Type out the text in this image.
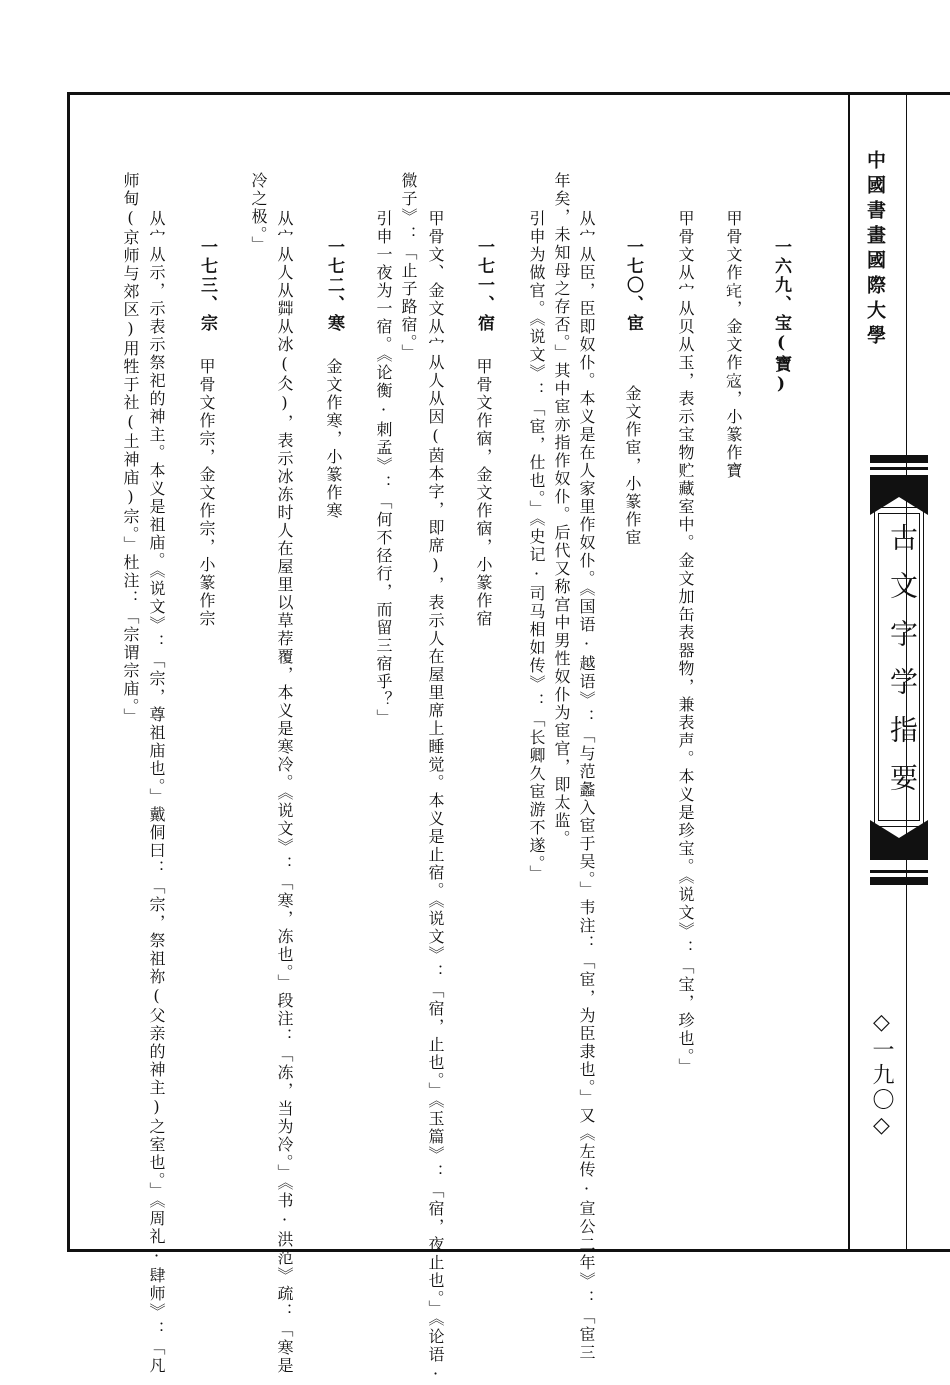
中國書畫國際大學
古文字学指要
◇一九〇◇
一六九、宝(寶)
甲骨文作𡧪，金文作𡨥，小篆作寶
甲骨文从宀从贝从玉，表示宝物贮藏室中。金文加缶表器物，兼表声。本义是珍宝。《说文》：「宝，珍也。」
一七〇、宦
金文作宦，小篆作宦
从宀从臣，臣即奴仆。本义是在人家里作奴仆。《国语·越语》：「与范蠡入宦于吴。」韦注：「宦，为臣隶也。」又《左传·宣公二年》：「宦三
年矣，未知母之存否。」其中宦亦指作奴仆。后代又称宫中男性奴仆为宦官，即太监。
引申为做官。《说文》：「宦，仕也。」《史记·司马相如传》：「长卿久宦游不遂。」
一七一、宿
甲骨文作㝛，金文作㝛，小篆作宿
甲骨文、金文从宀从人从因(茵本字，即席)，表示人在屋里席上睡觉。本义是止宿。《说文》：「宿，止也。」《玉篇》：「宿，夜止也。」《论语·
微子》：「止子路宿。」
引申一夜为一宿。《论衡·刺孟》：「何不径行，而留三宿乎？」
一七二、寒
金文作寒，小篆作寒
从宀从人从茻从冰(仌)，表示冰冻时人在屋里以草荐覆，本义是寒冷。《说文》：「寒，冻也。」段注：「冻，当为冷。」《书·洪范》疏：「寒是
冷之极。」
一七三、宗
甲骨文作宗，金文作宗，小篆作宗
从宀从示，示表示祭祀的神主。本义是祖庙。《说文》：「宗，尊祖庙也。」戴侗曰：「宗，祭祖祢(父亲的神主)之室也。」《周礼·肆师》：「凡
师甸(京师与郊区)用牲于社(土神庙)宗。」杜注：「宗谓宗庙。」
